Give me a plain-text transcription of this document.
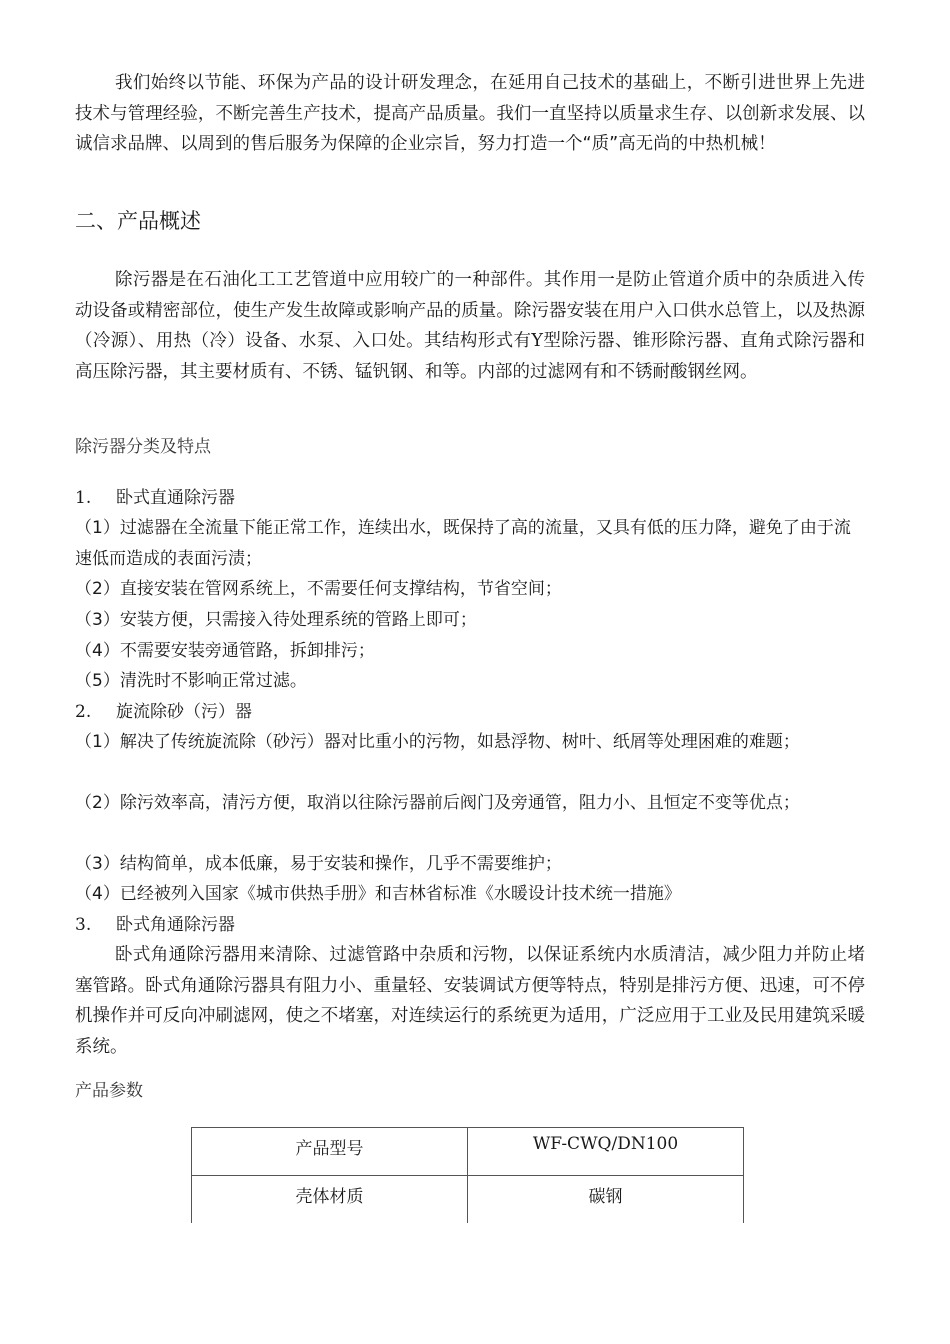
我们始终以节能、环保为产品的设计研发理念，在延用自己技术的基础上，不断引进世界上先进技术与管理经验，不断完善生产技术，提高产品质量。我们一直坚持以质量求生存、以创新求发展、以诚信求品牌、以周到的售后服务为保障的企业宗旨，努力打造一个“质”高无尚的中热机械！

二、产品概述

除污器是在石油化工工艺管道中应用较广的一种部件。其作用一是防止管道介质中的杂质进入传动设备或精密部位，使生产发生故障或影响产品的质量。除污器安装在用户入口供水总管上，以及热源（冷源）、用热（冷）设备、水泵、入口处。其结构形式有Y型除污器、锥形除污器、直角式除污器和高压除污器，其主要材质有、不锈、锰钒钢、和等。内部的过滤网有和不锈耐酸钢丝网。

除污器分类及特点

1. 卧式直通除污器

（1）过滤器在全流量下能正常工作，连续出水，既保持了高的流量，又具有低的压力降，避免了由于流速低而造成的表面污渍；

（2）直接安装在管网系统上，不需要任何支撑结构，节省空间；

（3）安装方便，只需接入待处理系统的管路上即可；

（4）不需要安装旁通管路，拆卸排污；

（5）清洗时不影响正常过滤。

2. 旋流除砂（污）器

（1）解决了传统旋流除（砂污）器对比重小的污物，如悬浮物、树叶、纸屑等处理困难的难题；

（2）除污效率高，清污方便，取消以往除污器前后阀门及旁通管，阻力小、且恒定不变等优点；

（3）结构简单，成本低廉，易于安装和操作，几乎不需要维护；

（4）已经被列入国家《城市供热手册》和吉林省标准《水暖设计技术统一措施》

3. 卧式角通除污器

卧式角通除污器用来清除、过滤管路中杂质和污物，以保证系统内水质清洁，减少阻力并防止堵塞管路。卧式角通除污器具有阻力小、重量轻、安装调试方便等特点，特别是排污方便、迅速，可不停机操作并可反向冲刷滤网，使之不堵塞，对连续运行的系统更为适用，广泛应用于工业及民用建筑采暖系统。

产品参数

产品型号	WF-CWQ/DN100
壳体材质	碳钢
